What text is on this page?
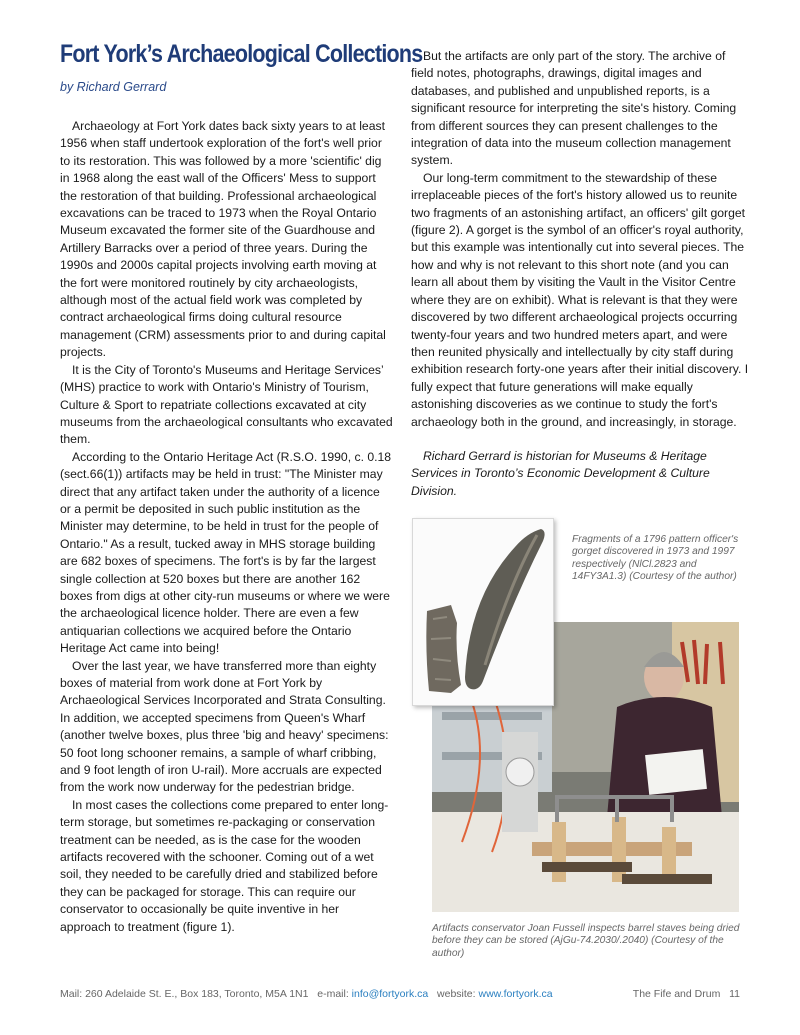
Fort York’s Archaeological Collections
by Richard Gerrard

Archaeology at Fort York dates back sixty years to at least 1956 when staff undertook exploration of the fort's well prior to its restoration. This was followed by a more 'scientific' dig in 1968 along the east wall of the Officers' Mess to support the restoration of that building. Professional archaeological excavations can be traced to 1973 when the Royal Ontario Museum excavated the former site of the Guardhouse and Artillery Barracks over a period of three years. During the 1990s and 2000s capital projects involving earth moving at the fort were monitored routinely by city archaeologists, although most of the actual field work was completed by contract archaeological firms doing cultural resource management (CRM) assessments prior to and during capital projects.

It is the City of Toronto's Museums and Heritage Services’ (MHS) practice to work with Ontario's Ministry of Tourism, Culture & Sport to repatriate collections excavated at city museums from the archaeological consultants who excavated them.

According to the Ontario Heritage Act (R.S.O. 1990, c. 0.18 (sect.66(1)) artifacts may be held in trust: "The Minister may direct that any artifact taken under the authority of a licence or a permit be deposited in such public institution as the Minister may determine, to be held in trust for the people of Ontario." As a result, tucked away in MHS storage building are 682 boxes of specimens. The fort's is by far the largest single collection at 520 boxes but there are another 162 boxes from digs at other city-run museums or where we were the archaeological licence holder. There are even a few antiquarian collections we acquired before the Ontario Heritage Act came into being!

Over the last year, we have transferred more than eighty boxes of material from work done at Fort York by Archaeological Services Incorporated and Strata Consulting. In addition, we accepted specimens from Queen's Wharf (another twelve boxes, plus three 'big and heavy' specimens: 50 foot long schooner remains, a sample of wharf cribbing, and 9 foot length of iron U-rail). More accruals are expected from the work now underway for the pedestrian bridge.

In most cases the collections come prepared to enter long-term storage, but sometimes re-packaging or conservation treatment can be needed, as is the case for the wooden artifacts recovered with the schooner. Coming out of a wet soil, they needed to be carefully dried and stabilized before they can be packaged for storage. This can require our conservator to occasionally be quite inventive in her approach to treatment (figure 1).

But the artifacts are only part of the story. The archive of field notes, photographs, drawings, digital images and databases, and published and unpublished reports, is a significant resource for interpreting the site's history. Coming from different sources they can present challenges to the integration of data into the museum collection management system.

Our long-term commitment to the stewardship of these irreplaceable pieces of the fort's history allowed us to reunite two fragments of an astonishing artifact, an officers' gilt gorget (figure 2). A gorget is the symbol of an officer's royal authority, but this example was intentionally cut into several pieces. The how and why is not relevant to this short note (and you can learn all about them by visiting the Vault in the Visitor Centre where they are on exhibit). What is relevant is that they were discovered by two different archaeological projects occurring twenty-four years and two hundred meters apart, and were then reunited physically and intellectually by city staff during exhibition research forty-one years after their initial discovery. I fully expect that future generations will make equally astonishing discoveries as we continue to study the fort's archaeology both in the ground, and increasingly, in storage.

Richard Gerrard is historian for Museums & Heritage Services in Toronto’s Economic Development & Culture Division.

Fragments of a 1796 pattern officer's gorget discovered in 1973 and 1997 respectively (NlCl.2823 and 14FY3A1.3) (Courtesy of the author)
Artifacts conservator Joan Fussell inspects barrel staves being dried before they can be stored (AjGu-74.2030/.2040) (Courtesy of the author)
Mail: 260 Adelaide St. E., Box 183, Toronto, M5A 1N1 e-mail: info@fortyork.ca website: www.fortyork.ca	The Fife and Drum 11
